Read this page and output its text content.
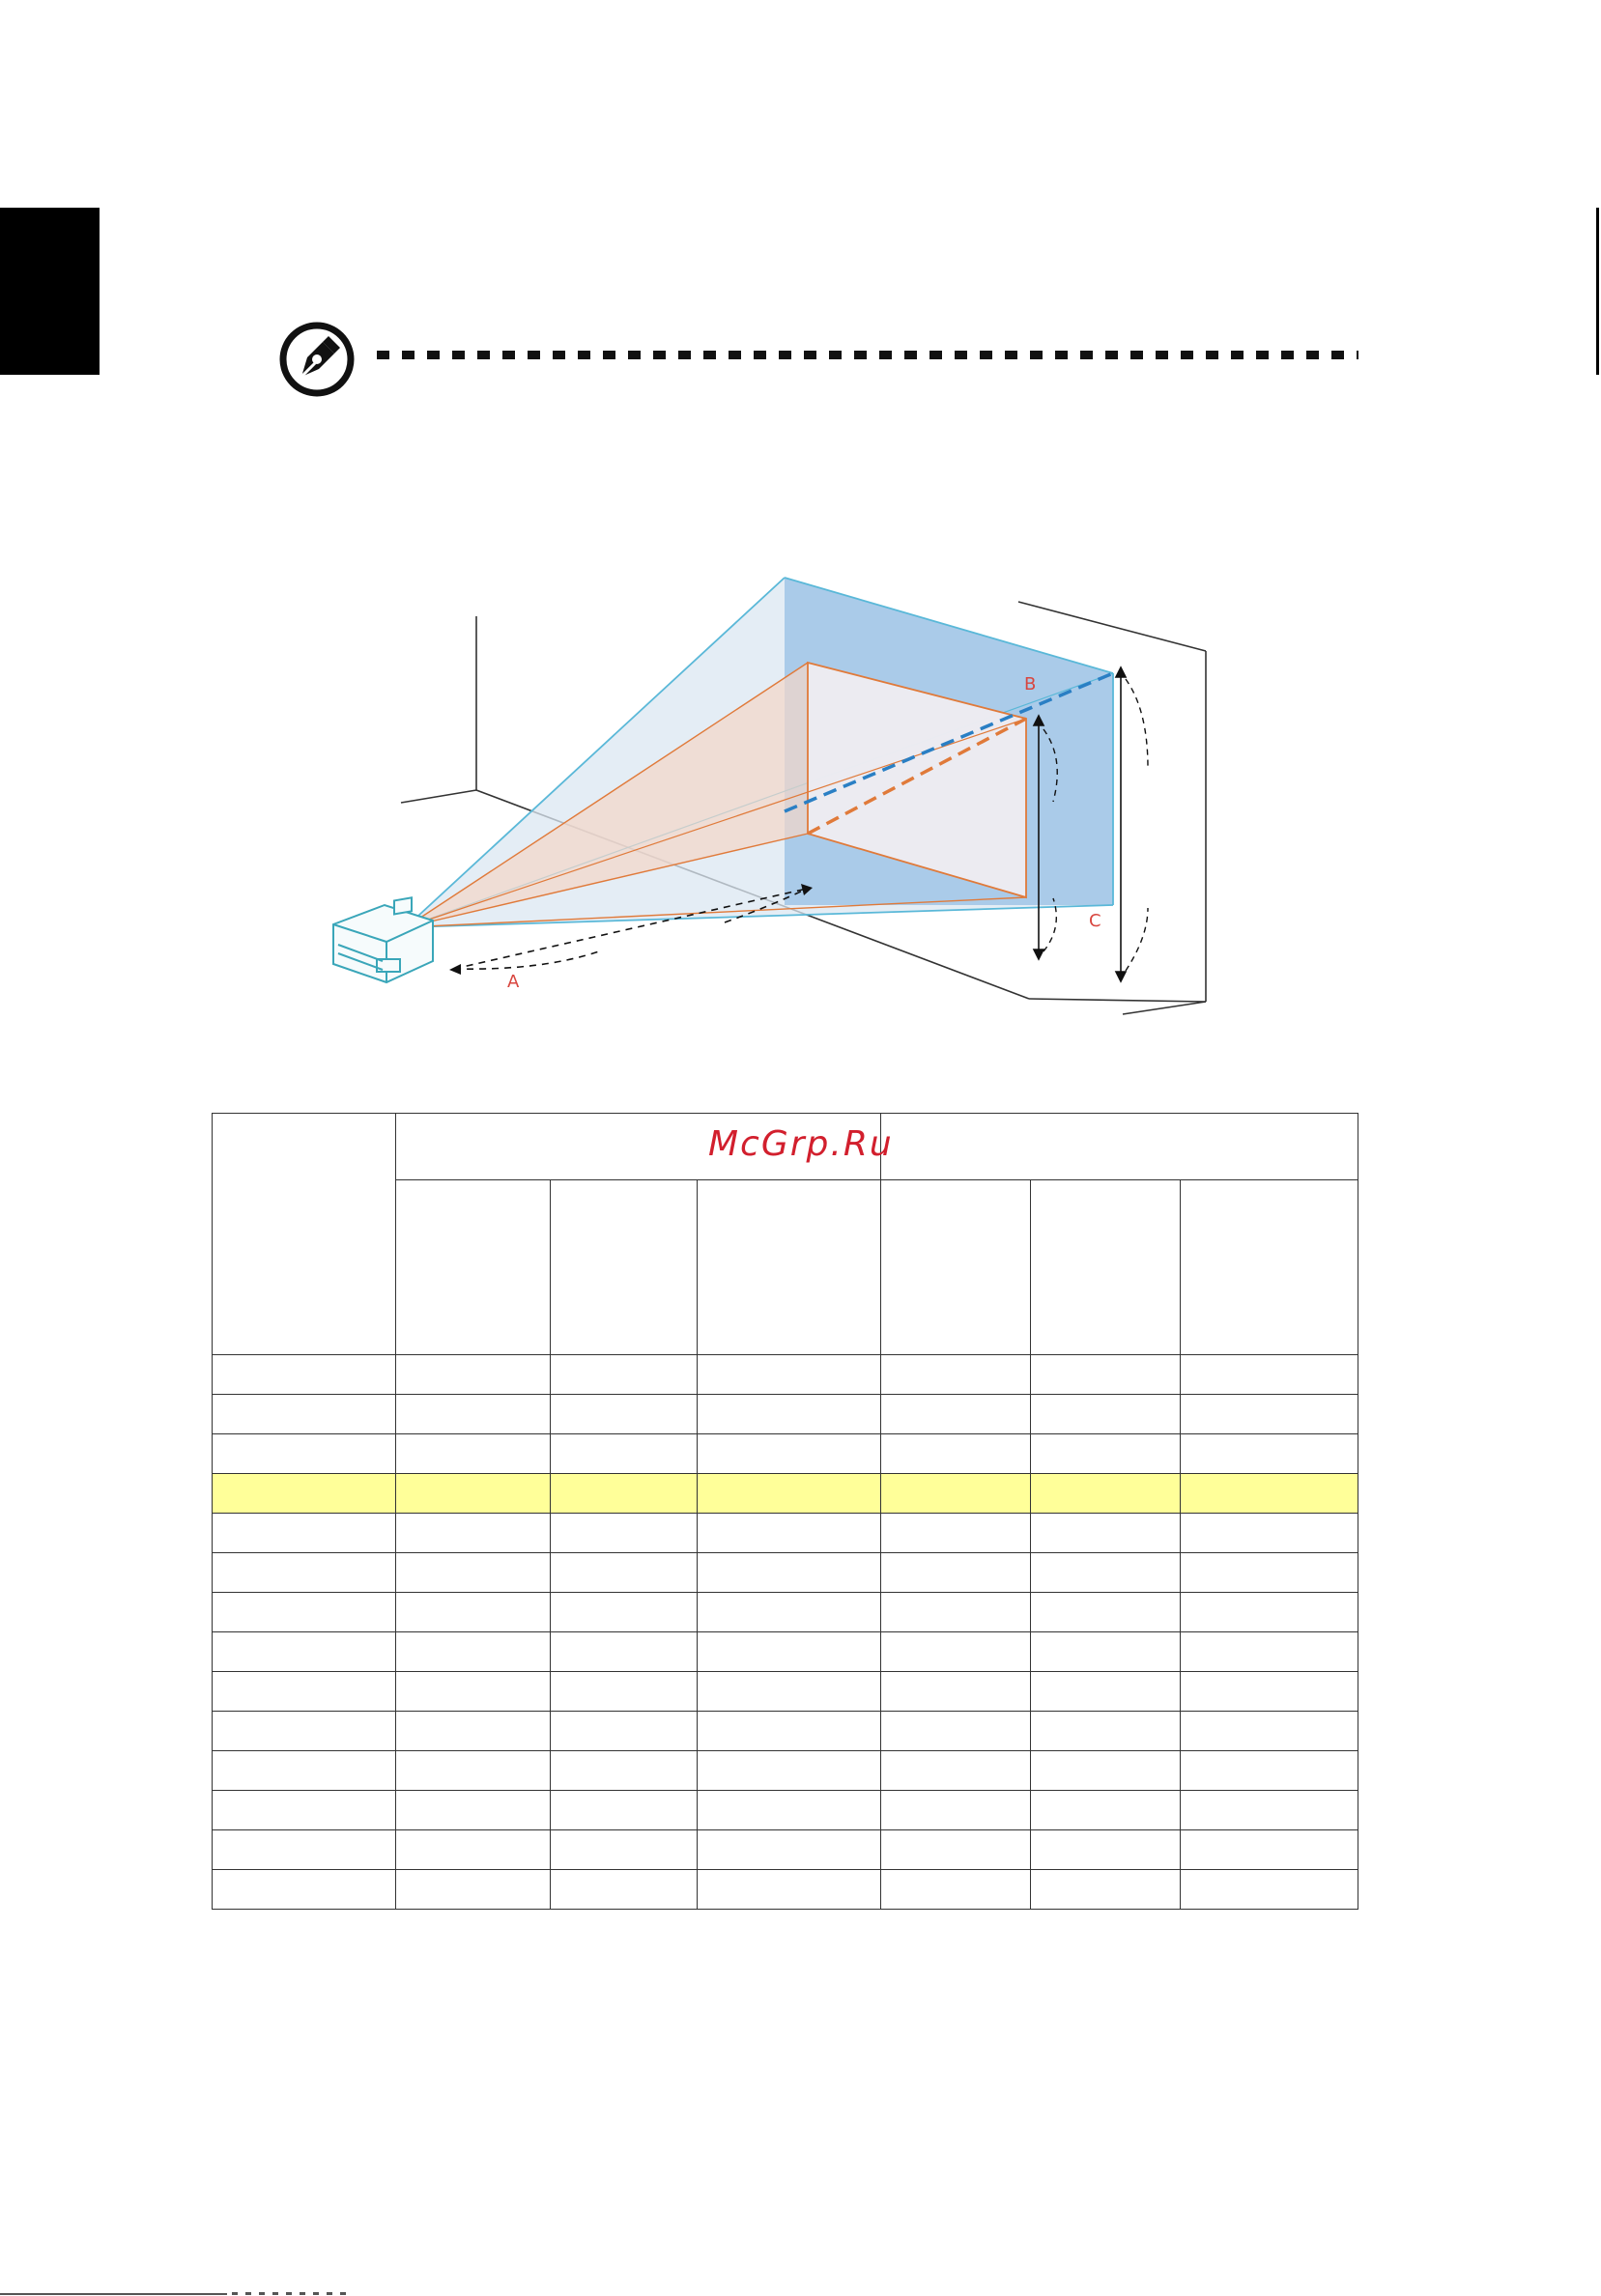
A
B
C

McGrp.Ru
